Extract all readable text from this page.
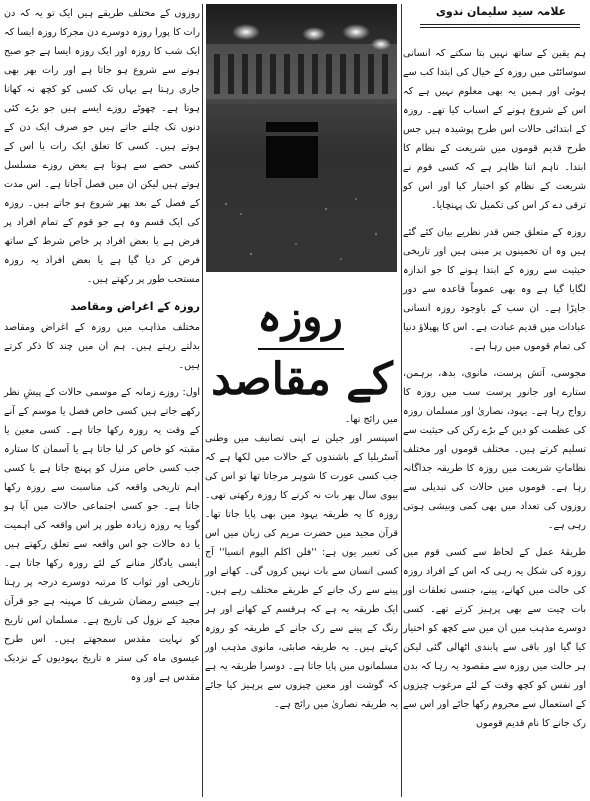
علامہ سید سلیمان ندوی
روزہ
کے مقاصد

ہم یقین کے ساتھ نہیں بتا سکتے کہ انسانی سوسائٹی میں روزہ کے خیال کی ابتدا کب سے ہوئی اور ہمیں یہ بھی معلوم نہیں ہے کہ اس کے شروع ہونے کے اسباب کیا تھے۔ روزہ کے ابتدائی حالات اس طرح پوشیدہ ہیں جس طرح قدیم قوموں میں شریعت کے نظام کا ابتدا۔ تاہم اتنا ظاہر ہے کہ کسی قوم نے شریعت کے نظام کو اختیار کیا اور اس کو ترقی دے کر اس کی تکمیل تک پہنچایا۔

روزہ کے متعلق جس قدر نظریے بیان کئے گئے ہیں وہ ان تخمینوں پر مبنی ہیں اور تاریخی حیثیت سے روزہ کے ابتدا ہونے کا جو اندازہ لگایا گیا ہے وہ بھی عموماً قاعدہ سے دور جاپڑا ہے۔ ان سب کے باوجود روزہ انسانی عبادات میں قدیم عبادت ہے۔ اس کا پھیلاؤ دنیا کی تمام قوموں میں رہا ہے۔

مجوسی، آتش پرست، مانوی، بدھ، برہمن، ستارے اور جانور پرست سب میں روزہ کا رواج رہا ہے۔ یہود، نصاریٰ اور مسلمان روزہ کی عظمت کو دین کے بڑے رکن کی حیثیت سے تسلیم کرتے ہیں۔ مختلف قوموں اور مختلف نظاماتِ شریعت میں روزہ کا طریقہ جداگانہ رہا ہے۔ قوموں میں حالات کی تبدیلی سے روزوں کی تعداد میں بھی کمی وبیشی ہوتی رہی ہے۔

طریقۂ عمل کے لحاظ سے کسی قوم میں روزہ کی شکل یہ رہی کہ اس کے افراد روزہ کی حالت میں کھانے، پینے، جنسی تعلقات اور بات چیت سے بھی پرہیز کرتے تھے۔ کسی دوسرے مذہب میں ان میں سے کچھ کو اختیار کیا گیا اور باقی سے پابندی اٹھالی گئی لیکن ہر حالت میں روزہ سے مقصود یہ رہا کہ بدن اور نفس کو کچھ وقت کے لئے مرغوب چیزوں کے استعمال سے محروم رکھا جائے اور اس سے رک جانے کا نام قدیم قوموں

میں رائج تھا۔

اسپنسر اور جیلن نے اپنی تصانیف میں وطنی آسٹریلیا کے باشندوں کے حالات میں لکھا ہے کہ جب کسی عورت کا شوہر مرجاتا تھا تو اس کی بیوی سال بھر بات نہ کرنے کا روزہ رکھتی تھی۔ روزہ کا یہ طریقہ یہود میں بھی پایا جاتا تھا۔ قرآن مجید میں حضرت مریم کی زبان میں اس کی تعبیر یوں ہے: ''فلن اکلم الیوم انسیا'' آج کسی انسان سے بات نہیں کروں گی۔ کھانے اور پینے سے رک جانے کے طریقے مختلف رہے ہیں۔ ایک طریقہ یہ ہے کہ ہرقسم کے کھانے اور ہر رنگ کے پینے سے رک جانے کے طریقہ کو روزہ کہتے ہیں۔ یہ طریقہ صابئی، مانوی مذہب اور مسلمانوں میں پایا جاتا ہے۔ دوسرا طریقہ یہ ہے کہ گوشت اور معین چیزوں سے پرہیز کیا جائے یہ طریقہ نصاریٰ میں رائج ہے۔

روزوں کے مختلف طریقے ہیں ایک تو یہ کہ دن رات کا پورا روزہ دوسرے دن مجرکا روزہ ایسا کہ ایک شب کا روزہ اور ایک روزہ ایسا ہے جو صبح ہونے سے شروع ہو جاتا ہے اور رات بھر بھی جاری رہتا ہے یہاں تک کسی کو کچھ نہ کھانا ہوتا ہے۔ چھوٹے روزے ایسے ہیں جو بڑے کئی دنوں تک چلتے جاتے ہیں جو صرف ایک دن کے ہوتے ہیں۔ کسی کا تعلق ایک رات یا اس کے کسی حصے سے ہوتا ہے بعض روزے مسلسل ہوتے ہیں لیکن ان میں فصل آجاتا ہے۔ اس مدت کے فصل کے بعد پھر شروع ہو جاتے ہیں۔ روزہ کی ایک قسم وہ ہے جو قوم کے تمام افراد پر فرض ہے یا بعض افراد پر خاص شرط کے ساتھ فرض کر دیا گیا ہے یا بعض افراد یہ روزہ مستحب طور پر رکھتے ہیں۔

روزہ کے اغراض ومقاصد

مختلف مذاہب میں روزہ کے اغراض ومقاصد بدلتے رہتے ہیں۔ ہم ان میں چند کا ذکر کرتے ہیں۔

اول: روزے زمانہ کے موسمی حالات کے پیشِ نظر رکھے جاتے ہیں کسی خاص فصل یا موسم کے آنے کے وقت یہ روزہ رکھا جاتا ہے۔ کسی معین یا مقبتہ کو خاص کر لیا جاتا ہے یا آسمان کا ستارہ جب کسی خاص منزل کو پہنچ جاتا ہے یا کسی اہم تاریخی واقعہ کی مناسبت سے روزہ رکھا جاتا ہے۔ جو کسی اجتماعی حالات میں آیا ہو گویا یہ روزہ زیادہ طور پر اس واقعہ کی اہمیت یا دہ حالات جو اس واقعہ سے تعلق رکھتے ہیں ایسی یادگار منانے کے لئے روزہ رکھا جاتا ہے۔ تاریخی اور ثواب کا مرتبہ دوسرے درجہ پر رہتا ہے جیسے رمضان شریف کا مہینہ ہے جو قرآن مجید کے نزول کی تاریخ ہے۔ مسلمان اس تاریخ کو نہایت مقدس سمجھتے ہیں۔ اس طرح عیسوی ماہ کی ستر ہ تاریخ یہودیوں کے نزدیک مقدس ہے اور وہ
